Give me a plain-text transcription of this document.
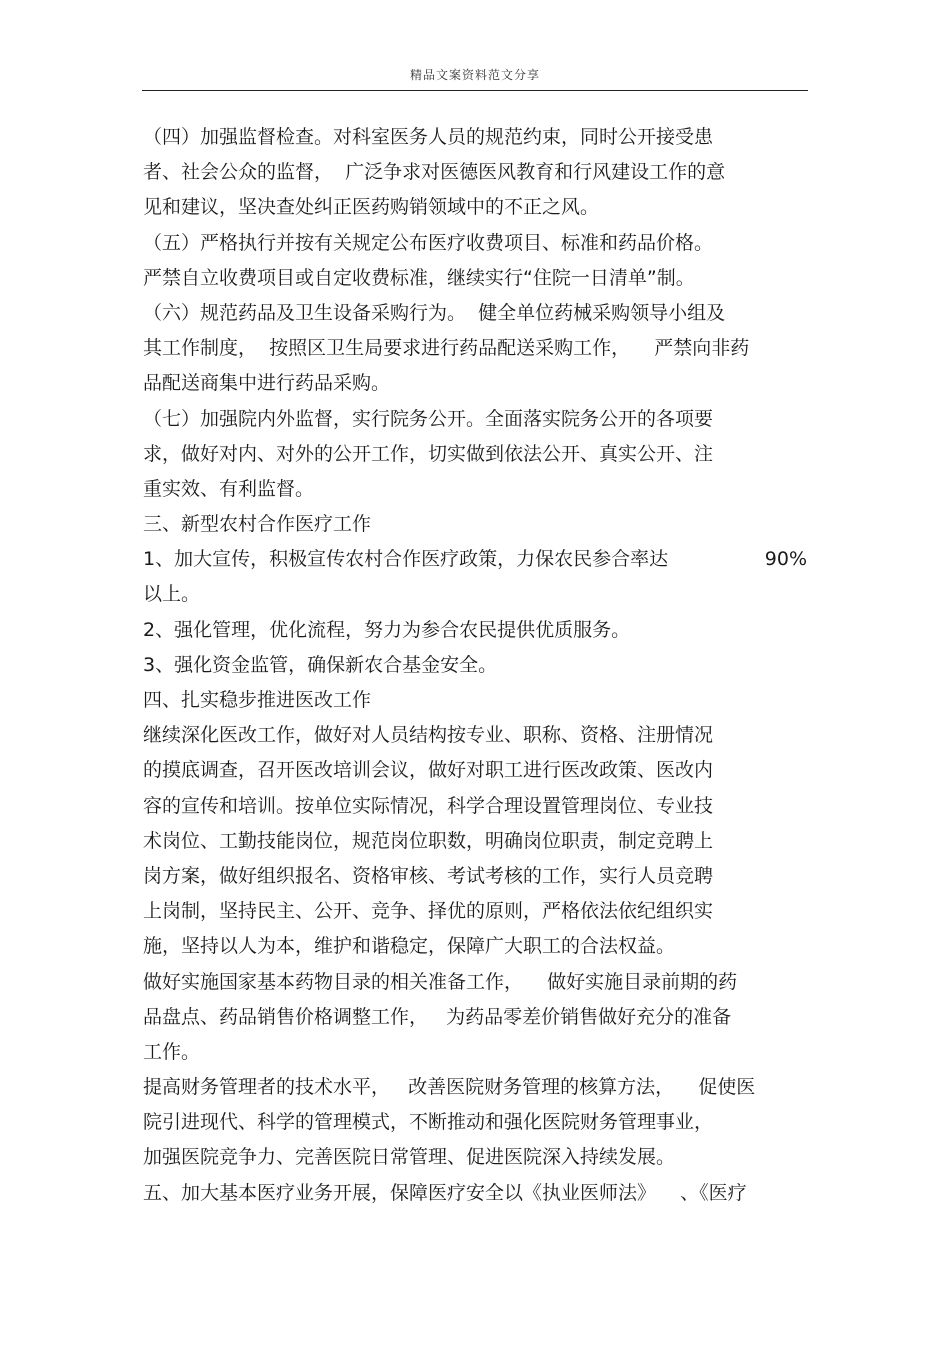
精品文案资料范文分享
（四）加强监督检查。对科室医务人员的规范约束，同时公开接受患
者、社会公众的监督，  广泛争求对医德医风教育和行风建设工作的意
见和建议，坚决查处纠正医药购销领域中的不正之风。
（五）严格执行并按有关规定公布医疗收费项目、标准和药品价格。
严禁自立收费项目或自定收费标准，继续实行“住院一日清单”制。
（六）规范药品及卫生设备采购行为。  健全单位药械采购领导小组及
其工作制度，  按照区卫生局要求进行药品配送采购工作，    严禁向非药
品配送商集中进行药品采购。
（七）加强院内外监督，实行院务公开。全面落实院务公开的各项要
求，做好对内、对外的公开工作，切实做到依法公开、真实公开、注
重实效、有利监督。
三、新型农村合作医疗工作
1、加大宣传，积极宣传农村合作医疗政策，力保农民参合率达	90%
以上。
2、强化管理，优化流程，努力为参合农民提供优质服务。
3、强化资金监管，确保新农合基金安全。
四、扎实稳步推进医改工作
继续深化医改工作，做好对人员结构按专业、职称、资格、注册情况
的摸底调查，召开医改培训会议，做好对职工进行医改政策、医改内
容的宣传和培训。按单位实际情况，科学合理设置管理岗位、专业技
术岗位、工勤技能岗位，规范岗位职数，明确岗位职责，制定竞聘上
岗方案，做好组织报名、资格审核、考试考核的工作，实行人员竞聘
上岗制，坚持民主、公开、竞争、择优的原则，严格依法依纪组织实
施，坚持以人为本，维护和谐稳定，保障广大职工的合法权益。
做好实施国家基本药物目录的相关准备工作，    做好实施目录前期的药
品盘点、药品销售价格调整工作，   为药品零差价销售做好充分的准备
工作。
提高财务管理者的技术水平，   改善医院财务管理的核算方法，    促使医
院引进现代、科学的管理模式，不断推动和强化医院财务管理事业，
加强医院竞争力、完善医院日常管理、促进医院深入持续发展。
五、加大基本医疗业务开展，保障医疗安全以《执业医师法》    、《医疗
